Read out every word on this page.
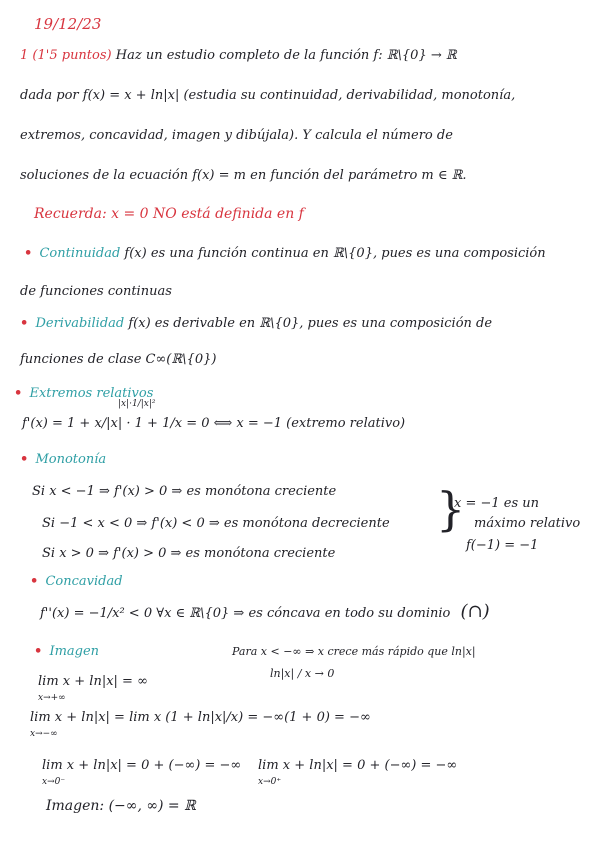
19/12/23
1 (1'5 puntos) Haz un estudio completo de la función f: ℝ\{0} → ℝ
dada por f(x) = x + ln|x| (estudia su continuidad, derivabilidad, monotonía,
extremos, concavidad, imagen y dibújala). Y calcula el número de
soluciones de la ecuación f(x) = m en función del parámetro m ∈ ℝ.
Recuerda: x = 0 NO está definida en f
• Continuidad f(x) es una función continua en ℝ\{0}, pues es una composición
de funciones continuas
• Derivabilidad f(x) es derivable en ℝ\{0}, pues es una composición de
funciones de clase C∞(ℝ\{0})
• Extremos relativos
|x|·1/|x|²
f'(x) = 1 + x/|x| · 1 + 1/x = 0 ⟺ x = −1 (extremo relativo)
• Monotonía
Si x < −1 ⇒ f'(x) > 0 ⇒ es monótona creciente
Si −1 < x < 0 ⇒ f'(x) < 0 ⇒ es monótona decreciente
Si x > 0 ⇒ f'(x) > 0 ⇒ es monótona creciente
}
x = −1 es un
máximo relativo
f(−1) = −1
• Concavidad
f''(x) = −1/x² < 0 ∀x ∈ ℝ\{0} ⇒ es cóncava en todo su dominio (∩)
• Imagen	Para x < −∞ ⇒ x crece más rápido que ln|x|
ln|x| / x → 0
lim x + ln|x| = ∞
x→+∞
lim x + ln|x| = lim x (1 + ln|x|/x) = −∞(1 + 0) = −∞
x→−∞
lim x + ln|x| = 0 + (−∞) = −∞
x→0⁻
lim x + ln|x| = 0 + (−∞) = −∞
x→0⁺
Imagen: (−∞, ∞) = ℝ
